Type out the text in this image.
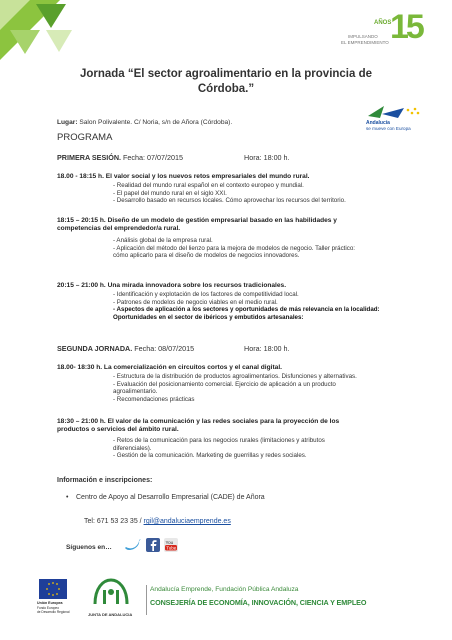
AÑOS
IMPULSANDO
EL EMPRENDIMIENTO 15
Jornada “El sector agroalimentario en la provincia de
Córdoba.”
Lugar: Salon Polivalente. C/ Noria, s/n de Añora (Córdoba).	Andalucía
se mueve con Europa
PROGRAMA
PRIMERA SESIÓN. Fecha: 07/07/2015	Hora: 18:00 h.
18.00 - 18:15 h. El valor social y los nuevos retos empresariales del mundo rural.
- Realidad del mundo rural español en el contexto europeo y mundial.
- El papel del mundo rural en el siglo XXI.
- Desarrollo basado en recursos locales. Cómo aprovechar los recursos del territorio.
18:15 – 20:15 h. Diseño de un modelo de gestión empresarial basado en las habilidades y
competencias del emprendedor/a rural.
- Análisis global de la empresa rural.
- Aplicación del método del lienzo para la mejora de modelos de negocio. Taller práctico:
cómo aplicarlo para el diseño de modelos de negocios innovadores.
20:15 – 21:00 h. Una mirada innovadora sobre los recursos tradicionales.
- Identificación y explotación de los factores de competitividad local.
- Patrones de modelos de negocio viables en el medio rural.
- Aspectos de aplicación a los sectores y oportunidades de más relevancia en la localidad:
Oportunidades en el sector de ibéricos y embutidos artesanales:
SEGUNDA JORNADA. Fecha: 08/07/2015	Hora: 18:00 h.
18.00- 18:30 h. La comercialización en circuitos cortos y el canal digital.
- Estructura de la distribución de productos agroalimentarios. Disfunciones y alternativas.
- Evaluación del posicionamiento comercial. Ejercicio de aplicación a un producto
agroalimentario.
- Recomendaciones prácticas
18:30 – 21:00 h. El valor de la comunicación y las redes sociales para la proyección de los
productos o servicios del ámbito rural.
- Retos de la comunicación para los negocios rurales (limitaciones y atributos
diferenciales).
- Gestión de la comunicación. Marketing de guerrillas y redes sociales.
Información e inscripciones:
• Centro de Apoyo al Desarrollo Empresarial (CADE) de Añora
Tel: 671 53 23 35 / rgil@andaluciaemprende.es
Síguenos en…
You
Tube
Unión Europea
Fondo Europeo
de Desarrollo Regional	JUNTA DE ANDALUCIA
Andalucía Emprende, Fundación Pública Andaluza
CONSEJERÍA DE ECONOMÍA, INNOVACIÓN, CIENCIA Y EMPLEO
